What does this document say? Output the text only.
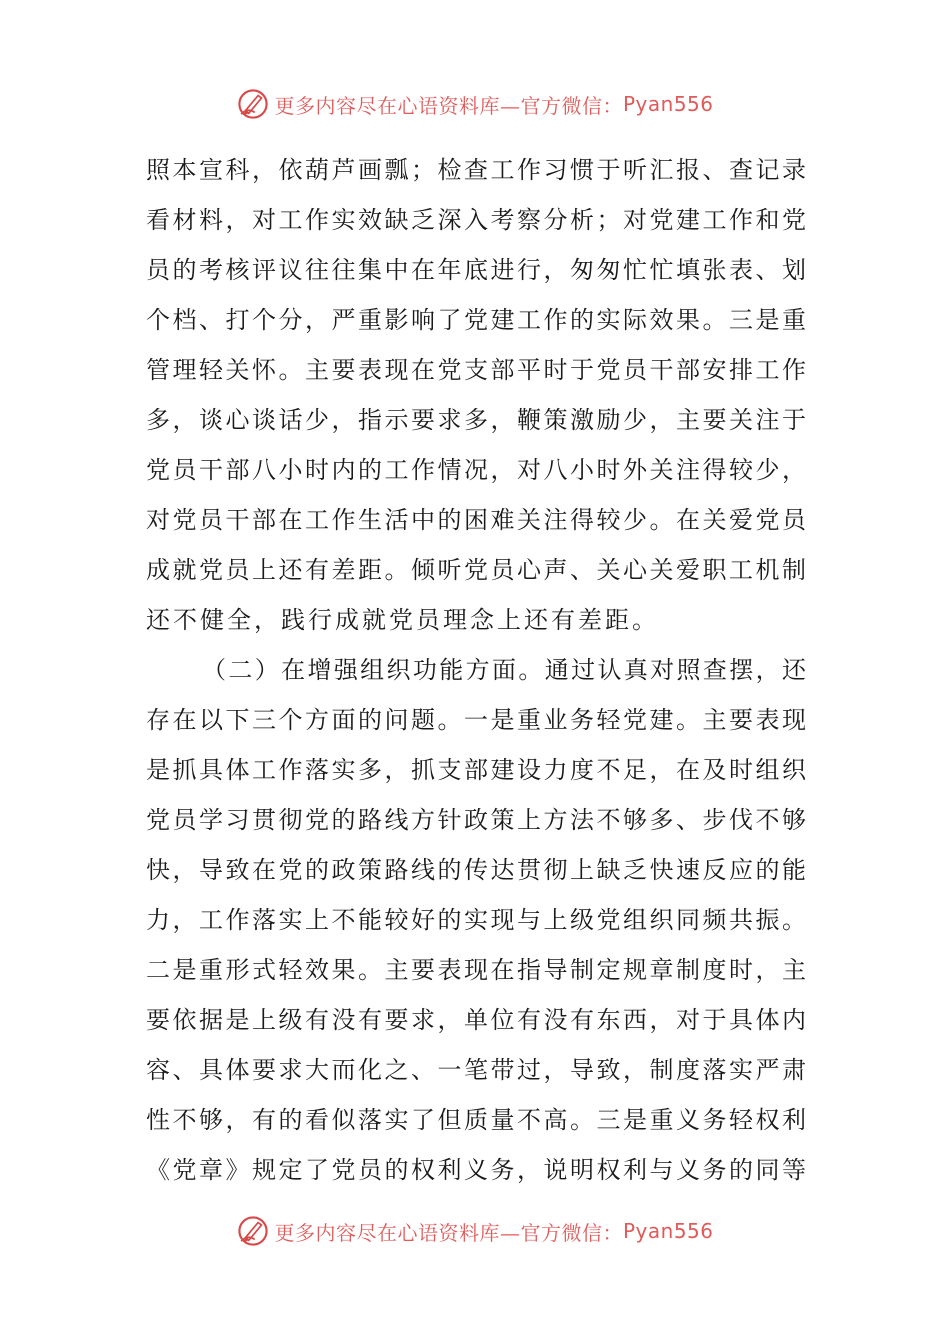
更多内容尽在心语资料库—官方微信： Pyan556
照本宣科，依葫芦画瓢；检查工作习惯于听汇报、查记录
看材料，对工作实效缺乏深入考察分析；对党建工作和党
员的考核评议往往集中在年底进行，匆匆忙忙填张表、划
个档、打个分，严重影响了党建工作的实际效果。三是重
管理轻关怀。主要表现在党支部平时于党员干部安排工作
多，谈心谈话少，指示要求多，鞭策激励少，主要关注于
党员干部八小时内的工作情况，对八小时外关注得较少，
对党员干部在工作生活中的困难关注得较少。在关爱党员
成就党员上还有差距。倾听党员心声、关心关爱职工机制
还不健全，践行成就党员理念上还有差距。
（二）在增强组织功能方面。通过认真对照查摆，还
存在以下三个方面的问题。一是重业务轻党建。主要表现
是抓具体工作落实多，抓支部建设力度不足，在及时组织
党员学习贯彻党的路线方针政策上方法不够多、步伐不够
快，导致在党的政策路线的传达贯彻上缺乏快速反应的能
力，工作落实上不能较好的实现与上级党组织同频共振。
二是重形式轻效果。主要表现在指导制定规章制度时，主
要依据是上级有没有要求，单位有没有东西，对于具体内
容、具体要求大而化之、一笔带过，导致，制度落实严肃
性不够，有的看似落实了但质量不高。三是重义务轻权利
《党章》规定了党员的权利义务，说明权利与义务的同等
更多内容尽在心语资料库—官方微信： Pyan556
